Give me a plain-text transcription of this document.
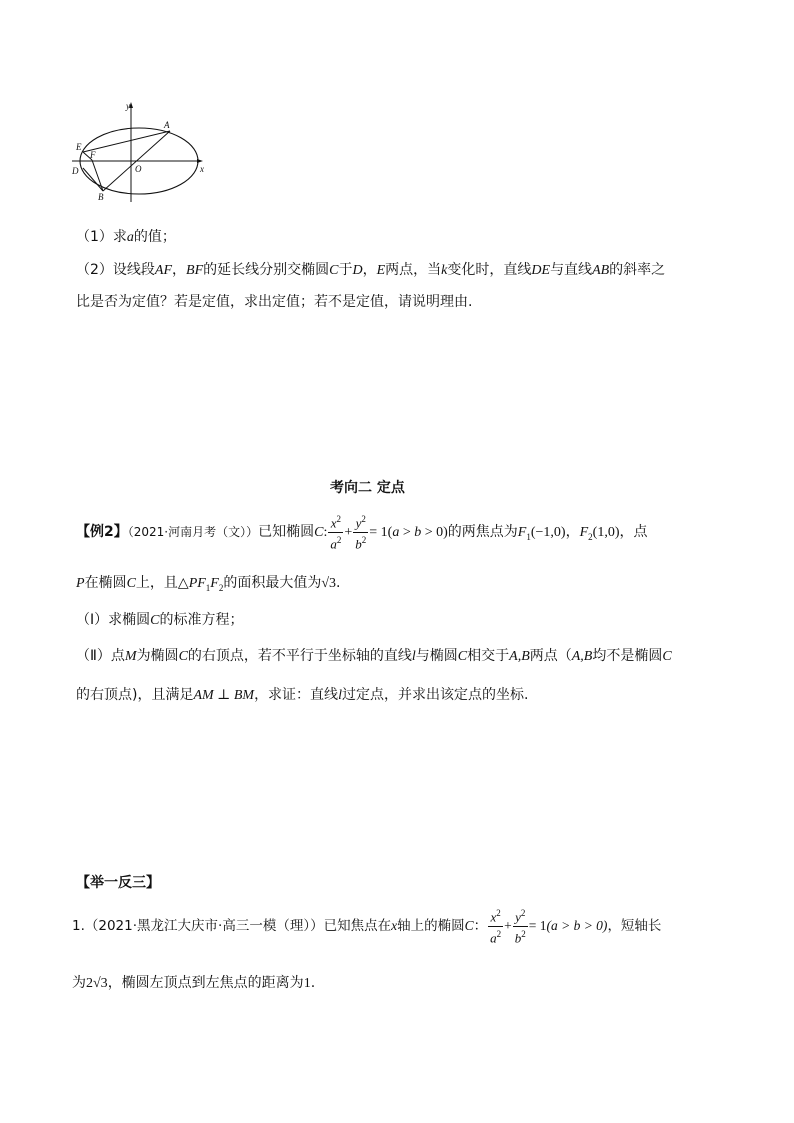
y
x
O
A
B
D
E
F
（1）求a的值；
（2）设线段AF，BF的延长线分别交椭圆C于D，E两点，当k变化时，直线DE与直线AB的斜率之
比是否为定值？若是定值，求出定值；若不是定值，请说明理由.
考向二 定点
【例2】（2021·河南月考（文））已知椭圆C: $\frac{x^2}{a^2} + \frac{y^2}{b^2} = 1(a > b > 0)$的两焦点为$F_1(-1,0)$，$F_2(1,0)$，点
P在椭圆C上，且$\triangle PF_1F_2$的面积最大值为√3.
（Ⅰ）求椭圆C的标准方程；
（Ⅱ）点M为椭圆C的右顶点，若不平行于坐标轴的直线l与椭圆C相交于A,B两点（A,B均不是椭圆C
的右顶点)，且满足AM ⊥ BM，求证：直线l过定点，并求出该定点的坐标.
【举一反三】
1.（2021·黑龙江大庆市·高三一模（理））已知焦点在x轴上的椭圆C： $\frac{x^2}{a^2} + \frac{y^2}{b^2} = 1(a > b > 0)$，短轴长
为2√3，椭圆左顶点到左焦点的距离为1.
